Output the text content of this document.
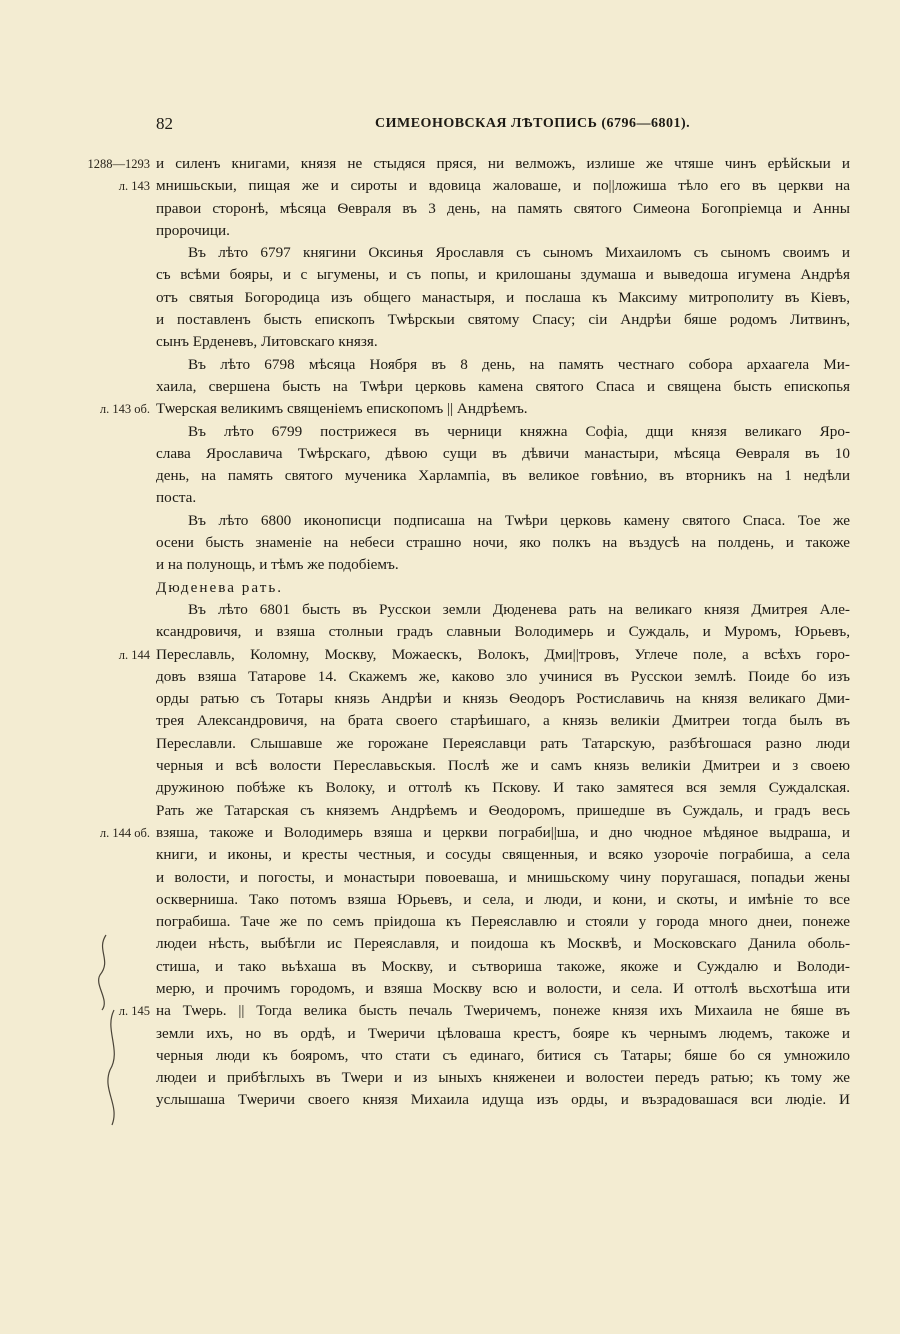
82	СИМЕОНОВСКАЯ ЛѢТОПИСЬ (6796—6801).
1288—1293 и силенъ книгами, князя не стыдяся пряся, ни велможъ, излише же чтяше чинъ ерѣйскыи и
л. 143 мнишьскыи, пищая же и сироты и вдовица жаловаше, и по||ложиша тѣло его въ церкви на
правои сторонѣ, мѣсяца Ѳевраля въ 3 день, на память святого Симеона Богопріемца и Анны
пророчици.
Въ лѣто 6797 княгини Оксинья Ярославля съ сыномъ Михаиломъ съ сыномъ своимъ и
съ всѣми бояры, и с ыгумены, и съ попы, и крилошаны здумаша и выведоша игумена Андрѣя
отъ святыя Богородица изъ общего манастыря, и послаша къ Максиму митрополиту въ Кіевъ,
и поставленъ бысть епископъ Тѡѣрскыи святому Спасу; сіи Андрѣи бяше родомъ Литвинъ,
сынъ Ерденевъ, Литовскаго князя.
Въ лѣто 6798 мѣсяца Ноября въ 8 день, на память честнаго собора архаагела Ми-
хаила, свершена бысть на Тѡѣри церковь камена святого Спаса и священа бысть епископья
л. 143 об. Тѡерская великимъ священіемъ епископомъ || Андрѣемъ.
Въ лѣто 6799 пострижеся въ черници княжна Софіа, дщи князя великаго Яро-
слава Ярославича Тѡѣрскаго, дѣвою сущи въ дѣвичи манастыри, мѣсяца Ѳевраля въ 10
день, на память святого мученика Харлампіа, въ великое говѣнио, въ вторникъ на 1 недѣли
поста.
Въ лѣто 6800 иконописци подписаша на Тѡѣри церковь камену святого Спаса. Тое же
осени бысть знаменіе на небеси страшно ночи, яко полкъ на въздусѣ на полдень, и такоже
и на полунощь, и тѣмъ же подобіемъ.
Дюденева рать.
Въ лѣто 6801 бысть въ Русскои земли Дюденева рать на великаго князя Дмитрея Але-
ксандровичя, и взяша столныи градъ славныи Володимерь и Суждаль, и Муромъ, Юрьевъ,
л. 144 Переславль, Коломну, Москву, Можаескъ, Волокъ, Дми||тровъ, Углече поле, а всѣхъ горо-
довъ взяша Татарове 14. Скажемъ же, каково зло учинися въ Русскои землѣ. Поиде бо изъ
орды ратью съ Тотары князь Андрѣи и князь Ѳеодоръ Ростиславичь на князя великаго Дми-
трея Александровичя, на брата своего старѣишаго, а князь великіи Дмитреи тогда былъ въ
Переславли. Слышавше же горожане Переяславци рать Татарскую, разбѣгошася разно люди
черныя и всѣ волости Переславьскыя. Послѣ же и самъ князь великіи Дмитреи и з своею
дружиною побѣже къ Волоку, и оттолѣ къ Пскову. И тако замятеся вся земля Суждалская.
Рать же Татарская съ княземъ Андрѣемъ и Ѳеодоромъ, пришедше въ Суждаль, и градъ весь
л. 144 об. взяша, такоже и Володимерь взяша и церкви пограби||ша, и дно чюдное мѣдяное выдраша, и
книги, и иконы, и кресты честныя, и сосуды священныя, и всяко узорочіе пограбиша, а села
и волости, и погосты, и монастыри повоеваша, и мнишьскому чину поругашася, попадьи жены
оскверниша. Тако потомъ взяша Юрьевъ, и села, и люди, и кони, и скоты, и имѣніе то все
пограбиша. Таче же по семъ пріидоша къ Переяславлю и стояли у города много днеи, понеже
людеи нѣсть, выбѣгли ис Переяславля, и поидоша къ Москвѣ, и Московскаго Данила оболь-
стиша, и тако вьѣхаша въ Москву, и сътвориша такоже, якоже и Суждалю и Володи-
мерю, и прочимъ городомъ, и взяша Москву всю и волости, и села. И оттолѣ вьсхотѣша ити
л. 145 на Тѡерь. || Тогда велика бысть печаль Тѡеричемъ, понеже князя ихъ Михаила не бяше въ
земли ихъ, но въ ордѣ, и Тѡеричи цѣловаша крестъ, бояре къ чернымъ людемъ, такоже и
черныя люди къ бояромъ, что стати съ единаго, битися съ Татары; бяше бо ся умножило
людеи и прибѣглыхъ въ Тѡери и из ыныхъ княженеи и волостеи передъ ратью; къ тому же
услышаша Тѡеричи своего князя Михаила идуща изъ орды, и възрадовашася вси людіе. И
